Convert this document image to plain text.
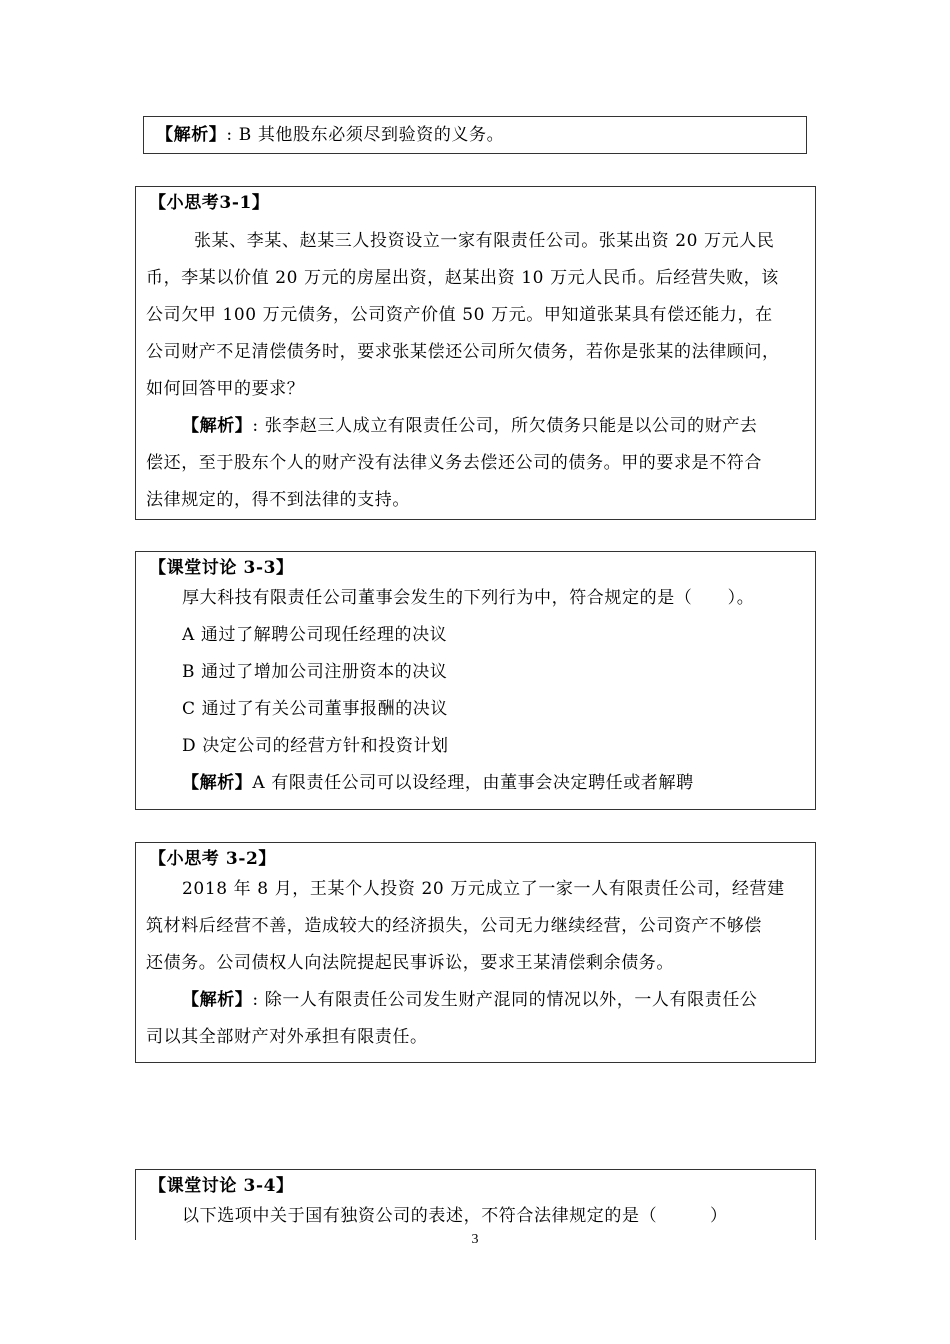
【解析】: B 其他股东必须尽到验资的义务。
【小思考3-1】
张某、李某、赵某三人投资设立一家有限责任公司。张某出资 20 万元人民
币，李某以价值 20 万元的房屋出资，赵某出资 10 万元人民币。后经营失败，该
公司欠甲 100 万元债务，公司资产价值 50 万元。甲知道张某具有偿还能力，在
公司财产不足清偿债务时，要求张某偿还公司所欠债务，若你是张某的法律顾问，
如何回答甲的要求？
【解析】: 张李赵三人成立有限责任公司，所欠债务只能是以公司的财产去
偿还，至于股东个人的财产没有法律义务去偿还公司的债务。甲的要求是不符合
法律规定的，得不到法律的支持。
【课堂讨论 3-3】
厚大科技有限责任公司董事会发生的下列行为中，符合规定的是（　　）。
A 通过了解聘公司现任经理的决议
B 通过了增加公司注册资本的决议
C 通过了有关公司董事报酬的决议
D 决定公司的经营方针和投资计划
【解析】A 有限责任公司可以设经理，由董事会决定聘任或者解聘
【小思考 3-2】
2018 年 8 月，王某个人投资 20 万元成立了一家一人有限责任公司，经营建
筑材料后经营不善，造成较大的经济损失，公司无力继续经营，公司资产不够偿
还债务。公司债权人向法院提起民事诉讼，要求王某清偿剩余债务。
【解析】: 除一人有限责任公司发生财产混同的情况以外，一人有限责任公
司以其全部财产对外承担有限责任。
【课堂讨论 3-4】
以下选项中关于国有独资公司的表述，不符合法律规定的是（　　　）
3
